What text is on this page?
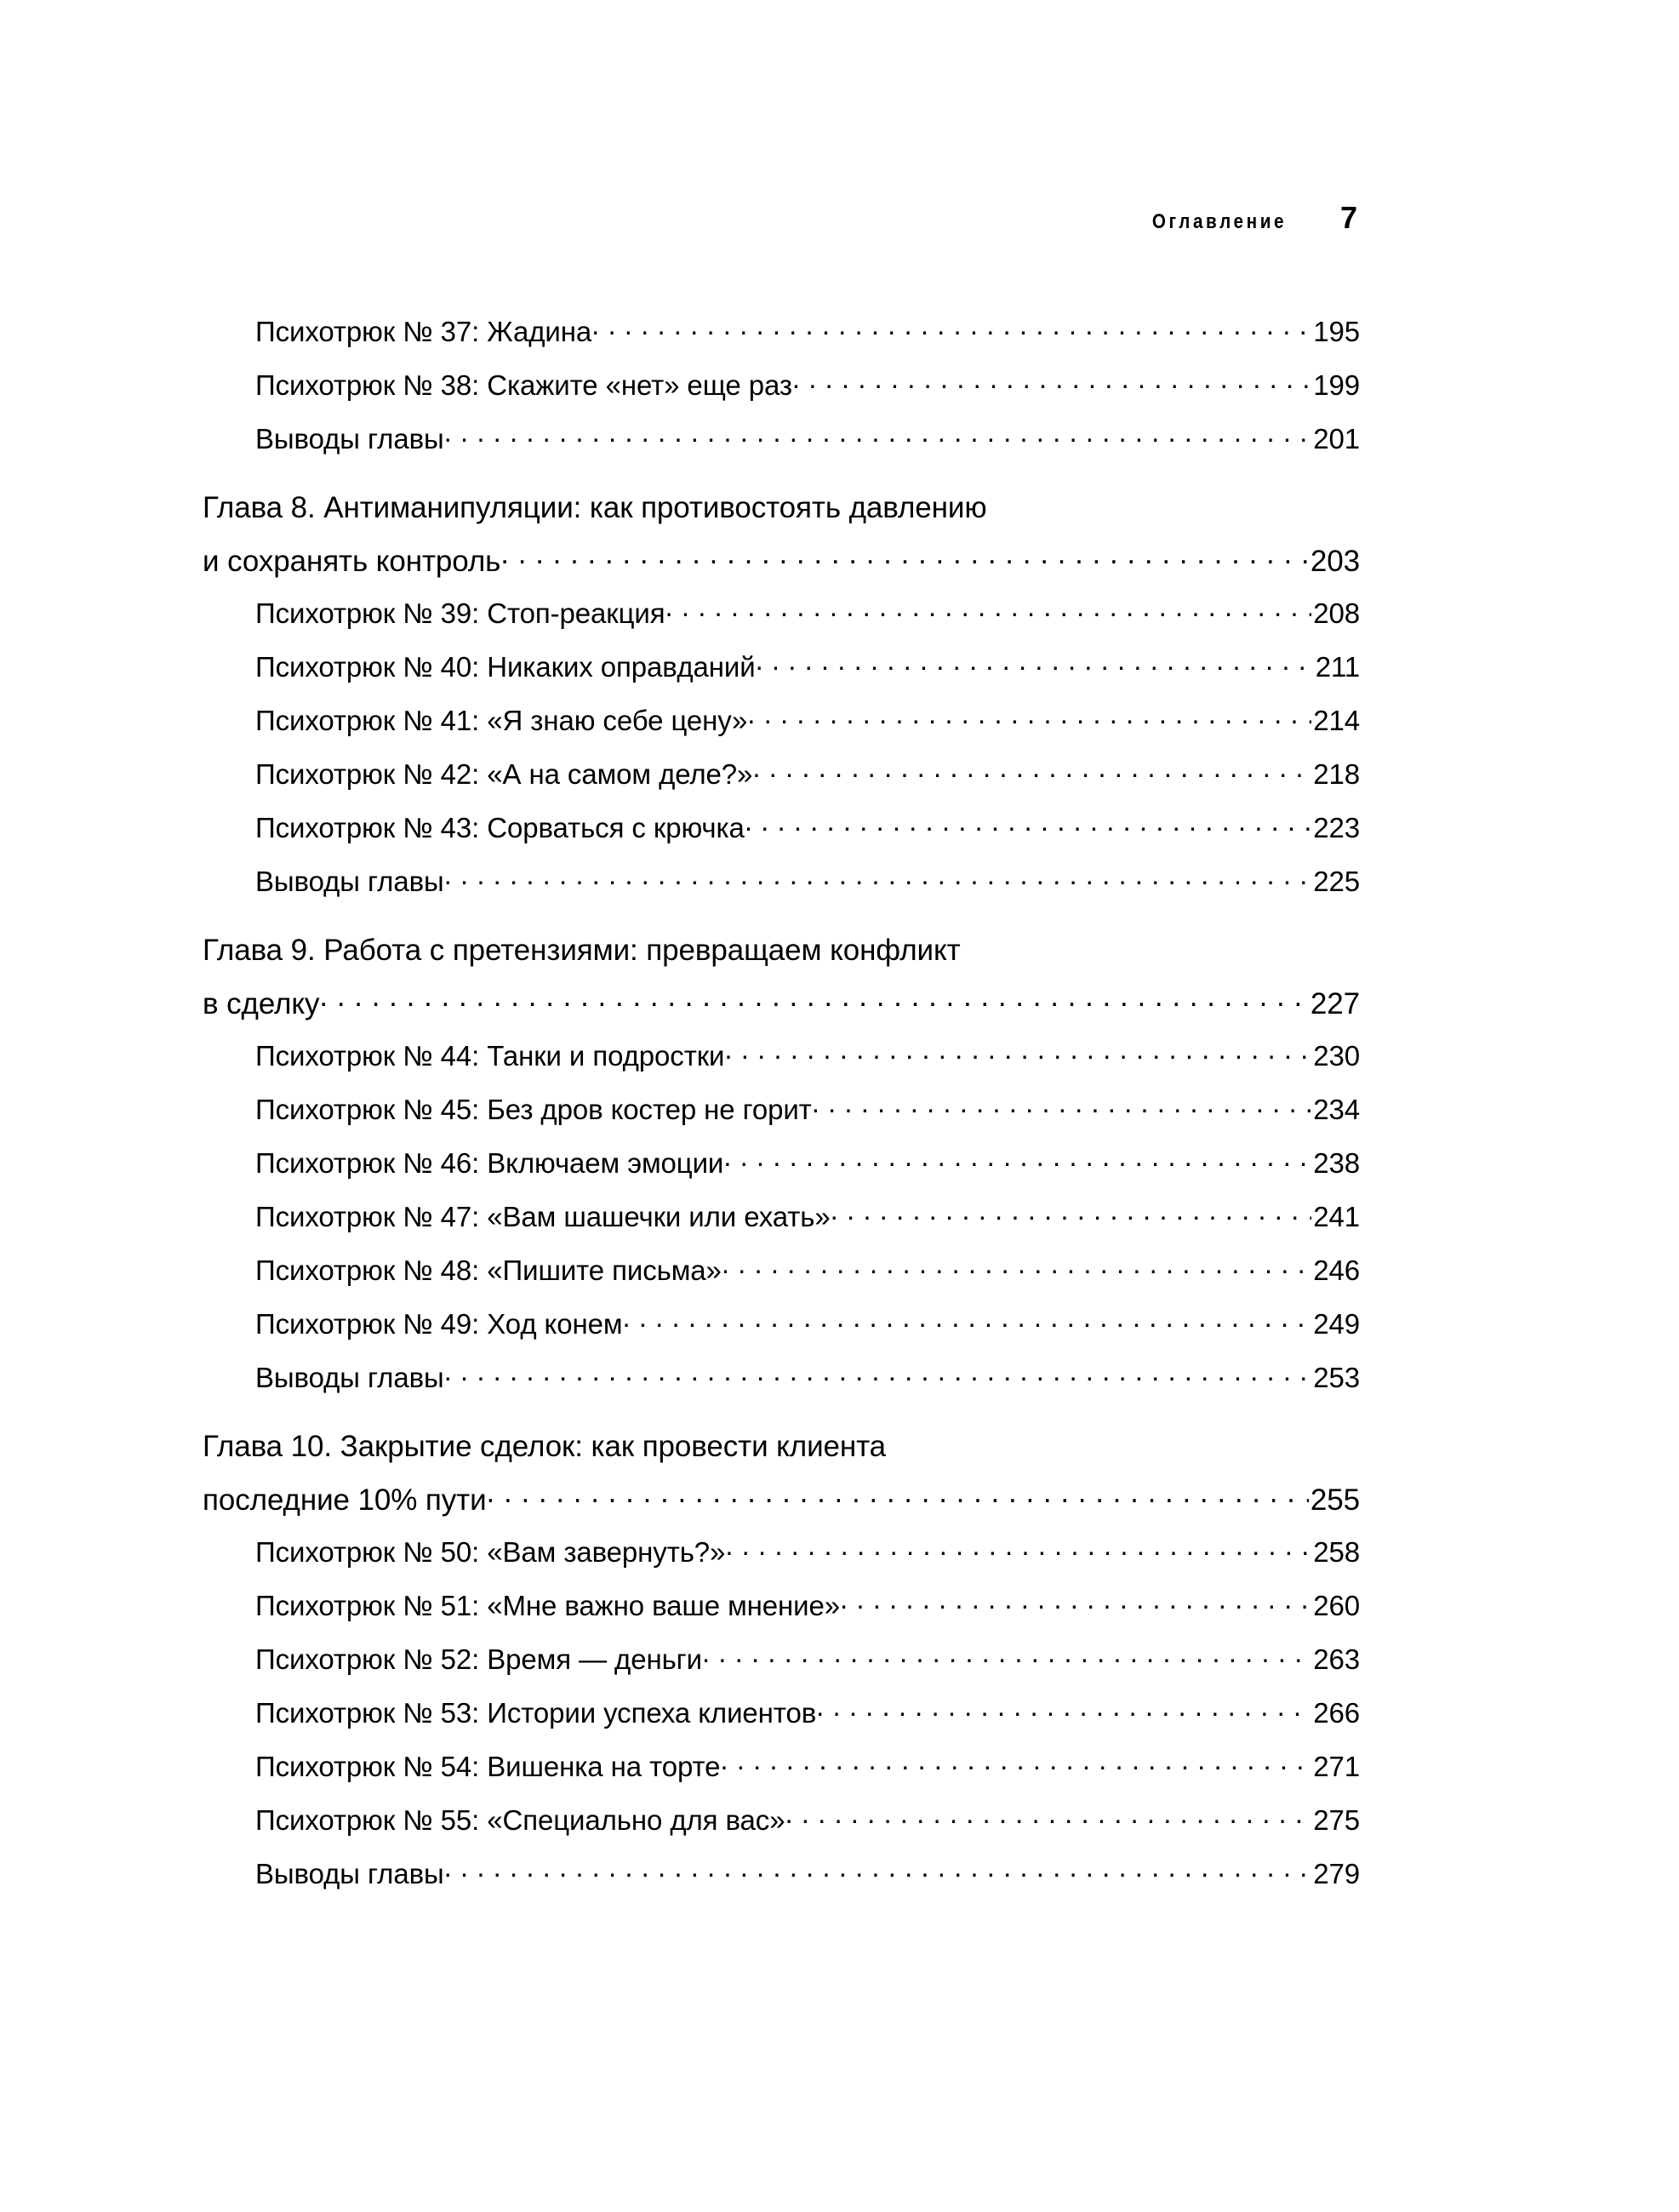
Оглавление 7
Психотрюк № 37: Жадина . . .	195
Психотрюк № 38: Скажите «нет» еще раз . . .	199
Выводы главы . . .	201
Глава 8. Антиманипуляции: как противостоять давлению
и сохранять контроль . . .	203
Психотрюк № 39: Стоп-реакция . . .	208
Психотрюк № 40: Никаких оправданий . . .	211
Психотрюк № 41: «Я знаю себе цену» . . .	214
Психотрюк № 42: «А на самом деле?» . . .	218
Психотрюк № 43: Сорваться с крючка . . .	223
Выводы главы . . .	225
Глава 9. Работа с претензиями: превращаем конфликт
в сделку . . .	227
Психотрюк № 44: Танки и подростки . . .	230
Психотрюк № 45: Без дров костер не горит . . .	234
Психотрюк № 46: Включаем эмоции . . .	238
Психотрюк № 47: «Вам шашечки или ехать» . . .	241
Психотрюк № 48: «Пишите письма» . . .	246
Психотрюк № 49: Ход конем . . .	249
Выводы главы . . .	253
Глава 10. Закрытие сделок: как провести клиента
последние 10% пути . . .	255
Психотрюк № 50: «Вам завернуть?» . . .	258
Психотрюк № 51: «Мне важно ваше мнение» . . .	260
Психотрюк № 52: Время — деньги . . .	263
Психотрюк № 53: Истории успеха клиентов . . .	266
Психотрюк № 54: Вишенка на торте . . .	271
Психотрюк № 55: «Специально для вас» . . .	275
Выводы главы . . .	279
